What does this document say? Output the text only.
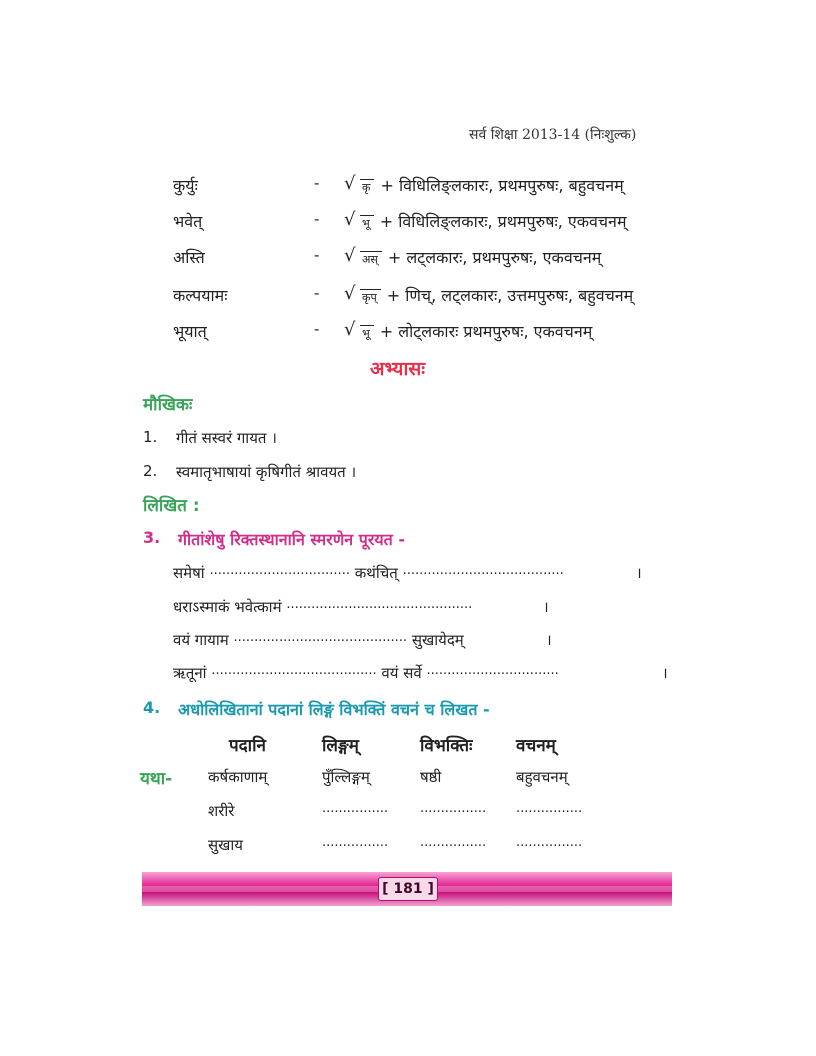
सर्व शिक्षा 2013-14 (निःशुल्क)
कुर्युः	- √ कृ + विधिलिङ्लकारः, प्रथमपुरुषः, बहुवचनम्
भवेत्	- √ भू + विधिलिङ्लकारः, प्रथमपुरुषः, एकवचनम्
अस्ति	- √ अस् + लट्लकारः, प्रथमपुरुषः, एकवचनम्
कल्पयामः	- √ कृप् + णिच्, लट्लकारः, उत्तमपुरुषः, बहुवचनम्
भूयात्	- √ भू + लोट्लकारः प्रथमपुरुषः, एकवचनम्
अभ्यासः
मौखिकः
1. गीतं सस्वरं गायत ।
2. स्वमातृभाषायां कृषिगीतं श्रावयत ।
लिखित :
3. गीतांशेषु रिक्तस्थानानि स्मरणेन पूरयत -
समेषां ·································· कथंचित् ·······································	।
धराऽस्माकं भवेत्कामं ·············································	।
वयं गायाम ·········································· सुखायेदम्	।
ऋतूनां ········································ वयं सर्वे ································	।
4. अधोलिखितानां पदानां लिङ्गं विभक्तिं वचनं च लिखत -
पदानि	लिङ्गम्	विभक्तिः	वचनम्
यथा- कर्षकाणाम्	पुँल्लिङ्गम्	षष्ठी	बहुवचनम्
शरीरे	················ ················ ················
सुखाय	················ ················ ················
[ 181 ]
